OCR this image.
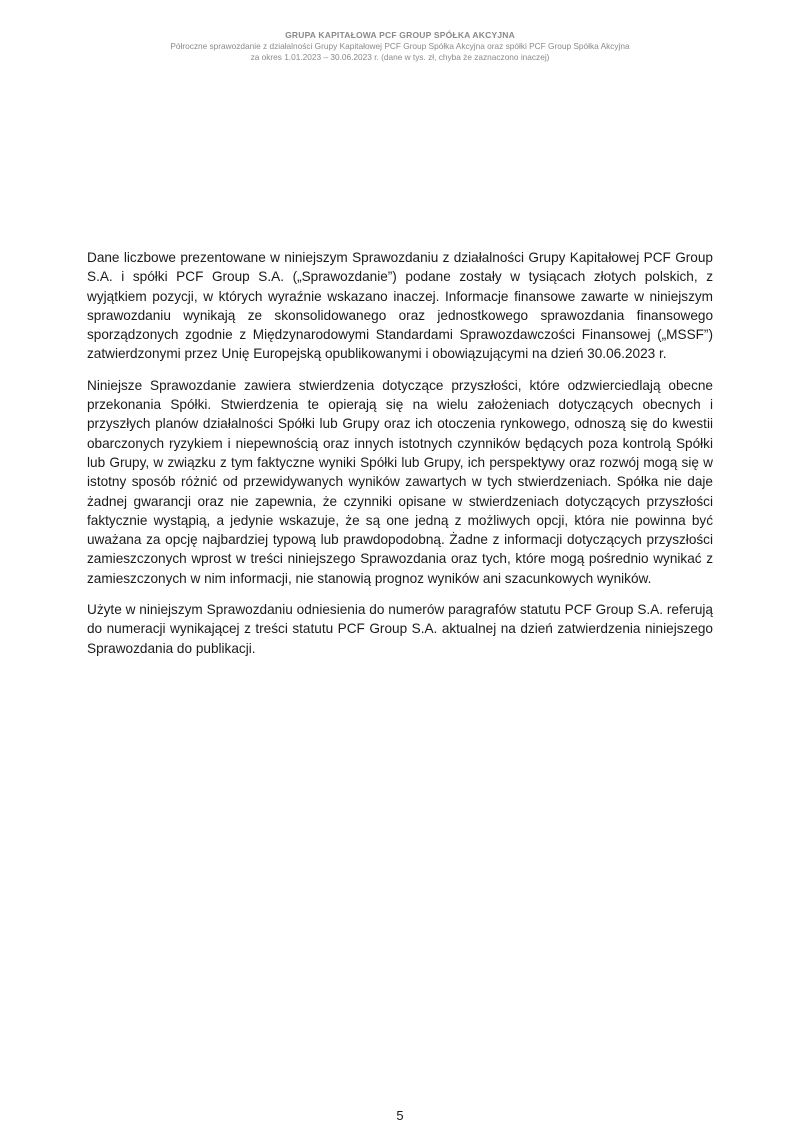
GRUPA KAPITAŁOWA PCF GROUP SPÓŁKA AKCYJNA
Półroczne sprawozdanie z działalności Grupy Kapitałowej PCF Group Spółka Akcyjna oraz spółki PCF Group Spółka Akcyjna
za okres 1.01.2023 – 30.06.2023 r. (dane w tys. zł, chyba że zaznaczono inaczej)

Dane liczbowe prezentowane w niniejszym Sprawozdaniu z działalności Grupy Kapitałowej PCF Group S.A. i spółki PCF Group S.A. („Sprawozdanie”) podane zostały w tysiącach złotych polskich, z wyjątkiem pozycji, w których wyraźnie wskazano inaczej. Informacje finansowe zawarte w niniejszym sprawozdaniu wynikają ze skonsolidowanego oraz jednostkowego sprawozdania finansowego sporządzonych zgodnie z Międzynarodowymi Standardami Sprawozdawczości Finansowej („MSSF”) zatwierdzonymi przez Unię Europejską opublikowanymi i obowiązującymi na dzień 30.06.2023 r.

Niniejsze Sprawozdanie zawiera stwierdzenia dotyczące przyszłości, które odzwierciedlają obecne przekonania Spółki. Stwierdzenia te opierają się na wielu założeniach dotyczących obecnych i przyszłych planów działalności Spółki lub Grupy oraz ich otoczenia rynkowego, odnoszą się do kwestii obarczonych ryzykiem i niepewnością oraz innych istotnych czynników będących poza kontrolą Spółki lub Grupy, w związku z tym faktyczne wyniki Spółki lub Grupy, ich perspektywy oraz rozwój mogą się w istotny sposób różnić od przewidywanych wyników zawartych w tych stwierdzeniach. Spółka nie daje żadnej gwarancji oraz nie zapewnia, że czynniki opisane w stwierdzeniach dotyczących przyszłości faktycznie wystąpią, a jedynie wskazuje, że są one jedną z możliwych opcji, która nie powinna być uważana za opcję najbardziej typową lub prawdopodobną. Żadne z informacji dotyczących przyszłości zamieszczonych wprost w treści niniejszego Sprawozdania oraz tych, które mogą pośrednio wynikać z zamieszczonych w nim informacji, nie stanowią prognoz wyników ani szacunkowych wyników.

Użyte w niniejszym Sprawozdaniu odniesienia do numerów paragrafów statutu PCF Group S.A. referują do numeracji wynikającej z treści statutu PCF Group S.A. aktualnej na dzień zatwierdzenia niniejszego Sprawozdania do publikacji.

5
